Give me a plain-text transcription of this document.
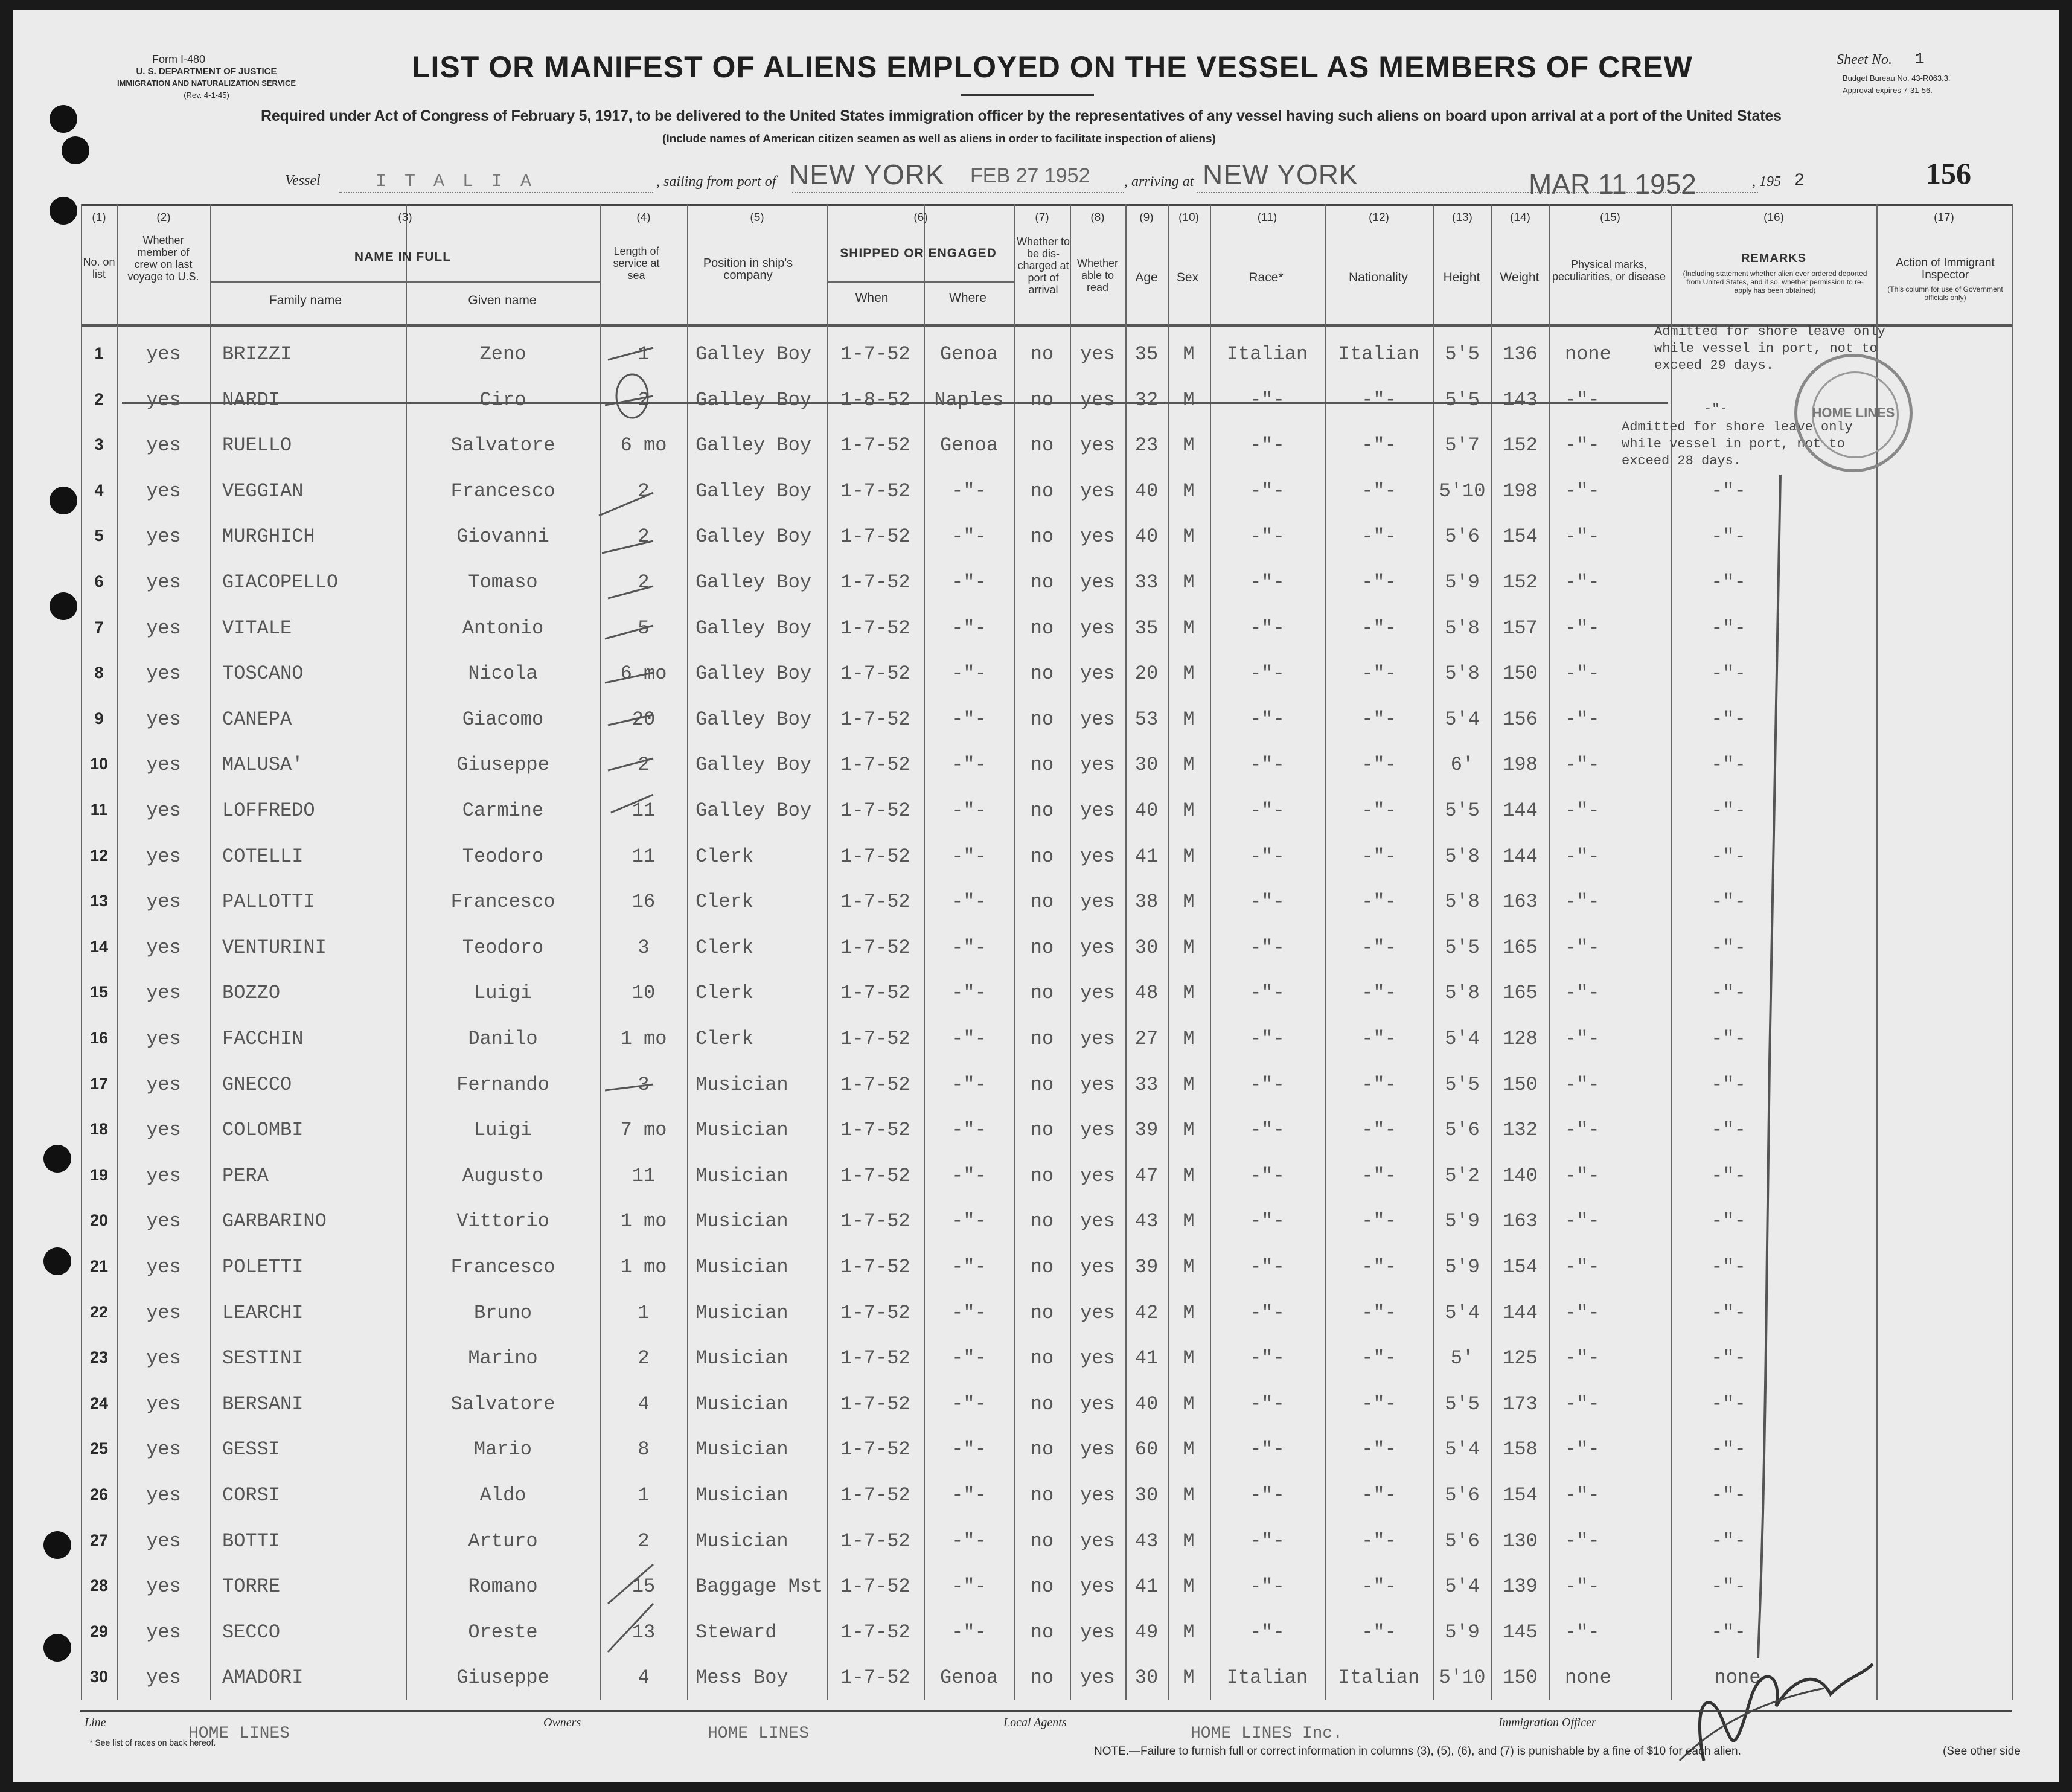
Form I-480
U. S. DEPARTMENT OF JUSTICE
IMMIGRATION AND NATURALIZATION SERVICE
(Rev. 4-1-45)
LIST OR MANIFEST OF ALIENS EMPLOYED ON THE VESSEL AS MEMBERS OF CREW	Sheet No. 1
Budget Bureau No. 43-R063.3.
Approval expires 7-31-56.
Required under Act of Congress of February 5, 1917, to be delivered to the United States immigration officer by the representatives of any vessel having such aliens on board upon arrival at a port of the United States
(Include names of American citizen seamen as well as aliens in order to facilitate inspection of aliens)
Vessel	I T A L I A	, sailing from port of NEW YORK FEB 27 1952 , arriving at NEW YORK	MAR 11 1952	, 195 2	156
No. on list
Whether member of crew on last voyage to U.S.
NAME IN FULL
Family name	Given name
Length of service at sea
Position in ship's company
SHIPPED OR ENGAGED
When	Where
Whether to be dis- charged at port of arrival
Whether able to read
Age	Sex	Race*	Nationality	Height	Weight
Physical marks, peculiarities, or disease
REMARKS
(Including statement whether alien ever ordered deported from United States, and if so, whether permission to re- apply has been obtained)
Action of Immigrant Inspector
(This column for use of Government officials only)
1	yes	BRIZZI	Zeno	1	Galley Boy	1-7-52	Genoa	no	yes	35	M	Italian	Italian	5'5	136	none
2	yes	NARDI	Ciro	2	Galley Boy	1-8-52	Naples	no	yes	32	M	-"-	-"-	5'5	143	-"-
3	yes	RUELLO	Salvatore	6 mo	Galley Boy	1-7-52	Genoa	no	yes	23	M	-"-	-"-	5'7	152	-"-
4	yes	VEGGIAN	Francesco	2	Galley Boy	1-7-52	-"-	no	yes	40	M	-"-	-"-	5'10 198	-"-	-"-
5	yes	MURGHICH	Giovanni	2	Galley Boy	1-7-52	-"-	no	yes	40	M	-"-	-"-	5'6	154	-"-	-"-
6	yes	GIACOPELLO	Tomaso	2	Galley Boy	1-7-52	-"-	no	yes	33	M	-"-	-"-	5'9	152	-"-	-"-
7	yes	VITALE	Antonio	5	Galley Boy	1-7-52	-"-	no	yes	35	M	-"-	-"-	5'8	157	-"-	-"-
8	yes	TOSCANO	Nicola	6 mo	Galley Boy	1-7-52	-"-	no	yes	20	M	-"-	-"-	5'8	150	-"-	-"-
9	yes	CANEPA	Giacomo	20	Galley Boy	1-7-52	-"-	no	yes	53	M	-"-	-"-	5'4	156	-"-	-"-
10	yes	MALUSA'	Giuseppe	2	Galley Boy	1-7-52	-"-	no	yes	30	M	-"-	-"-	6'	198	-"-	-"-
11	yes	LOFFREDO	Carmine	11	Galley Boy	1-7-52	-"-	no	yes	40	M	-"-	-"-	5'5	144	-"-	-"-
12	yes	COTELLI	Teodoro	11	Clerk	1-7-52	-"-	no	yes	41	M	-"-	-"-	5'8	144	-"-	-"-
13	yes	PALLOTTI	Francesco	16	Clerk	1-7-52	-"-	no	yes	38	M	-"-	-"-	5'8	163	-"-	-"-
14	yes	VENTURINI	Teodoro	3	Clerk	1-7-52	-"-	no	yes	30	M	-"-	-"-	5'5	165	-"-	-"-
15	yes	BOZZO	Luigi	10	Clerk	1-7-52	-"-	no	yes	48	M	-"-	-"-	5'8	165	-"-	-"-
16	yes	FACCHIN	Danilo	1 mo	Clerk	1-7-52	-"-	no	yes	27	M	-"-	-"-	5'4	128	-"-	-"-
17	yes	GNECCO	Fernando	3	Musician	1-7-52	-"-	no	yes	33	M	-"-	-"-	5'5	150	-"-	-"-
18	yes	COLOMBI	Luigi	7 mo	Musician	1-7-52	-"-	no	yes	39	M	-"-	-"-	5'6	132	-"-	-"-
19	yes	PERA	Augusto	11	Musician	1-7-52	-"-	no	yes	47	M	-"-	-"-	5'2	140	-"-	-"-
20	yes	GARBARINO	Vittorio	1 mo	Musician	1-7-52	-"-	no	yes	43	M	-"-	-"-	5'9	163	-"-	-"-
21	yes	POLETTI	Francesco	1 mo	Musician	1-7-52	-"-	no	yes	39	M	-"-	-"-	5'9	154	-"-	-"-
22	yes	LEARCHI	Bruno	1	Musician	1-7-52	-"-	no	yes	42	M	-"-	-"-	5'4	144	-"-	-"-
23	yes	SESTINI	Marino	2	Musician	1-7-52	-"-	no	yes	41	M	-"-	-"-	5'	125	-"-	-"-
24	yes	BERSANI	Salvatore	4	Musician	1-7-52	-"-	no	yes	40	M	-"-	-"-	5'5	173	-"-	-"-
25	yes	GESSI	Mario	8	Musician	1-7-52	-"-	no	yes	60	M	-"-	-"-	5'4	158	-"-	-"-
26	yes	CORSI	Aldo	1	Musician	1-7-52	-"-	no	yes	30	M	-"-	-"-	5'6	154	-"-	-"-
27	yes	BOTTI	Arturo	2	Musician	1-7-52	-"-	no	yes	43	M	-"-	-"-	5'6	130	-"-	-"-
28	yes	TORRE	Romano	15	Baggage Mst 1-7-52	-"-	no	yes	41	M	-"-	-"-	5'4	139	-"-	-"-
29	yes	SECCO	Oreste	13	Steward	1-7-52	-"-	no	yes	49	M	-"-	-"-	5'9	145	-"-	-"-
30	yes	AMADORI	Giuseppe	4	Mess Boy	1-7-52	Genoa	no	yes	30	M	Italian	Italian	5'10 150	none	none
Admitted for shore leave only
while vessel in port, not to
exceed 29 days.
-"-
Admitted for shore leave only
while vessel in port, not to
exceed 28 days.
HOME LINES
Line
HOME LINES
Owners
HOME LINES
Local Agents
HOME LINES Inc.
Immigration Officer
* See list of races on back hereof.
NOTE.—Failure to furnish full or correct information in columns (3), (5), (6), and (7) is punishable by a fine of $10 for each alien.	(See other side
(1)	(2)	(3)	(4)	(5)	(6)	(7)	(8)	(9)	(10)	(11)	(12)	(13)	(14)	(15)	(16)	(17)
